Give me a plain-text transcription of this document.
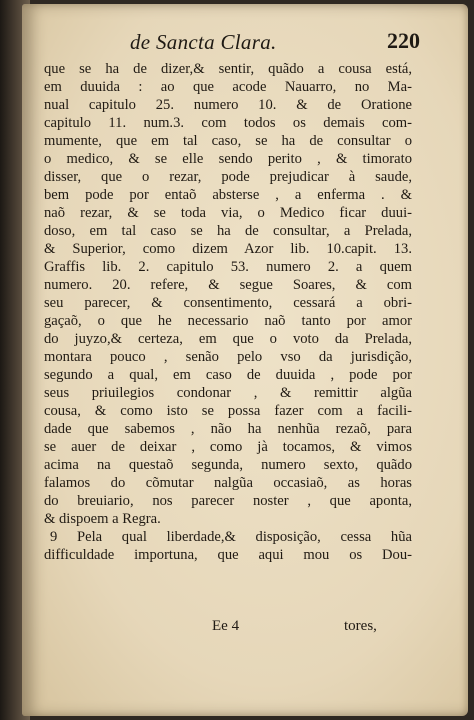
de Sancta Clara.	220
que se ha de dizer,& sentir, quãdo a cousa está,
em duuida : ao que acode Nauarro, no Ma-
nual capitulo 25. numero 10. & de Oratione
capitulo 11. num.3. com todos os demais com-
mumente, que em tal caso, se ha de consultar o
o medico, & se elle sendo perito , & timorato
disser, que o rezar, pode prejudicar à saude,
bem pode por entaõ absterse , a enferma . &
naõ rezar, & se toda via, o Medico ficar duui-
doso, em tal caso se ha de consultar, a Prelada,
& Superior, como dizem Azor lib. 10.capit. 13.
Graffis lib. 2. capitulo 53. numero 2. a quem
numero. 20. refere, & segue Soares, & com
seu parecer, & consentimento, cessará a obri-
gaçaõ, o que he necessario naõ tanto por amor
do juyzo,& certeza, em que o voto da Prelada,
montara pouco , senão pelo vso da jurisdição,
segundo a qual, em caso de duuida , pode por
seus priuilegios condonar , & remittir algũa
cousa, & como isto se possa fazer com a facili-
dade que sabemos , não ha nenhũa rezaõ, para
se auer de deixar , como jà tocamos, & vimos
acima na questaõ segunda, numero sexto, quãdo
falamos do cõmutar nalgũa occasiaõ, as horas
do breuiario, nos parecer noster , que aponta,
& dispoem a Regra.
9 Pela qual liberdade,& disposição, cessa hũa
difficuldade importuna, que aqui mou os Dou-
Ee 4	tores,
